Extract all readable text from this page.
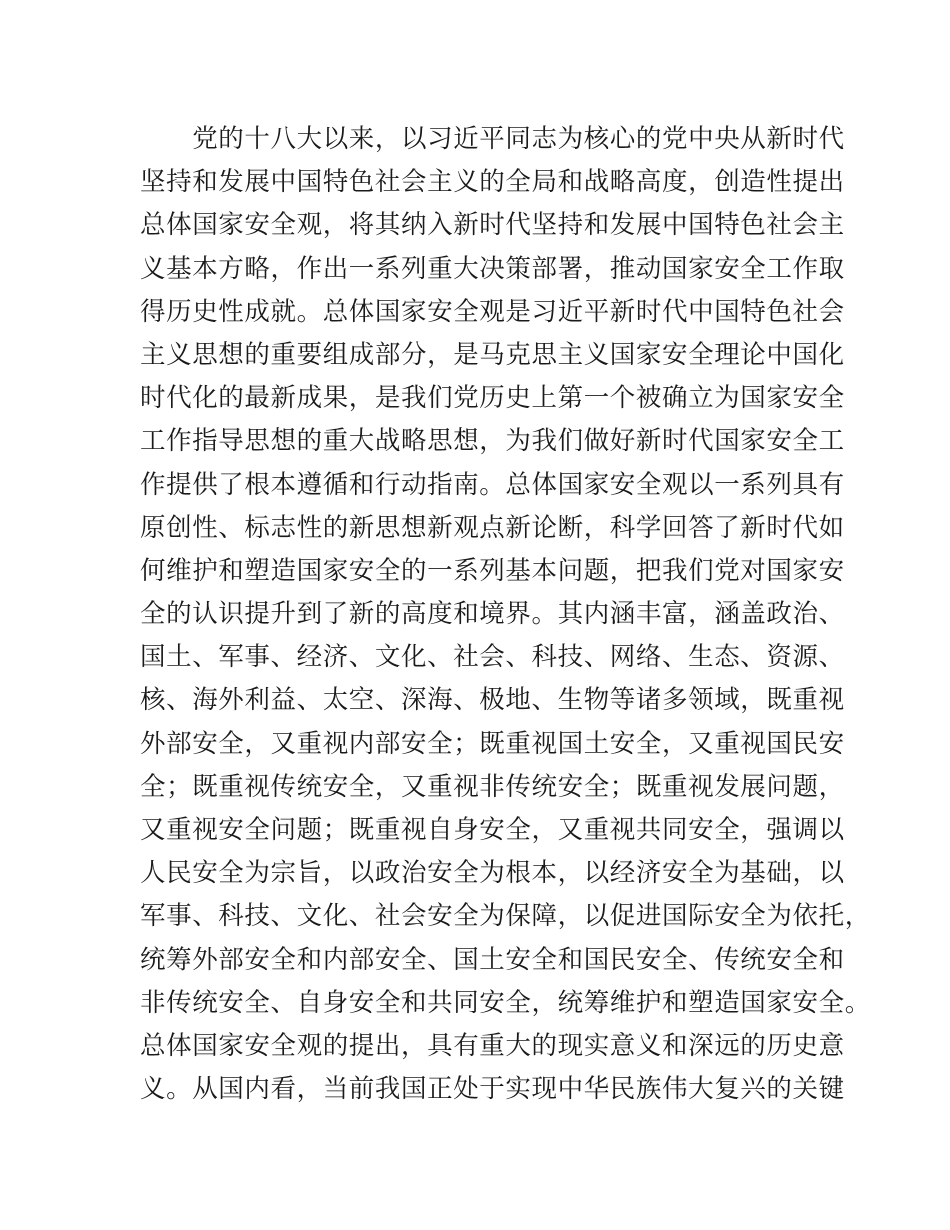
　　党的十八大以来，以习近平同志为核心的党中央从新时代
坚持和发展中国特色社会主义的全局和战略高度，创造性提出
总体国家安全观，将其纳入新时代坚持和发展中国特色社会主
义基本方略，作出一系列重大决策部署，推动国家安全工作取
得历史性成就。总体国家安全观是习近平新时代中国特色社会
主义思想的重要组成部分，是马克思主义国家安全理论中国化
时代化的最新成果，是我们党历史上第一个被确立为国家安全
工作指导思想的重大战略思想，为我们做好新时代国家安全工
作提供了根本遵循和行动指南。总体国家安全观以一系列具有
原创性、标志性的新思想新观点新论断，科学回答了新时代如
何维护和塑造国家安全的一系列基本问题，把我们党对国家安
全的认识提升到了新的高度和境界。其内涵丰富，涵盖政治、
国土、军事、经济、文化、社会、科技、网络、生态、资源、
核、海外利益、太空、深海、极地、生物等诸多领域，既重视
外部安全，又重视内部安全；既重视国土安全，又重视国民安
全；既重视传统安全，又重视非传统安全；既重视发展问题，
又重视安全问题；既重视自身安全，又重视共同安全，强调以
人民安全为宗旨，以政治安全为根本，以经济安全为基础，以
军事、科技、文化、社会安全为保障，以促进国际安全为依托，
统筹外部安全和内部安全、国土安全和国民安全、传统安全和
非传统安全、自身安全和共同安全，统筹维护和塑造国家安全。
总体国家安全观的提出，具有重大的现实意义和深远的历史意
义。从国内看，当前我国正处于实现中华民族伟大复兴的关键
